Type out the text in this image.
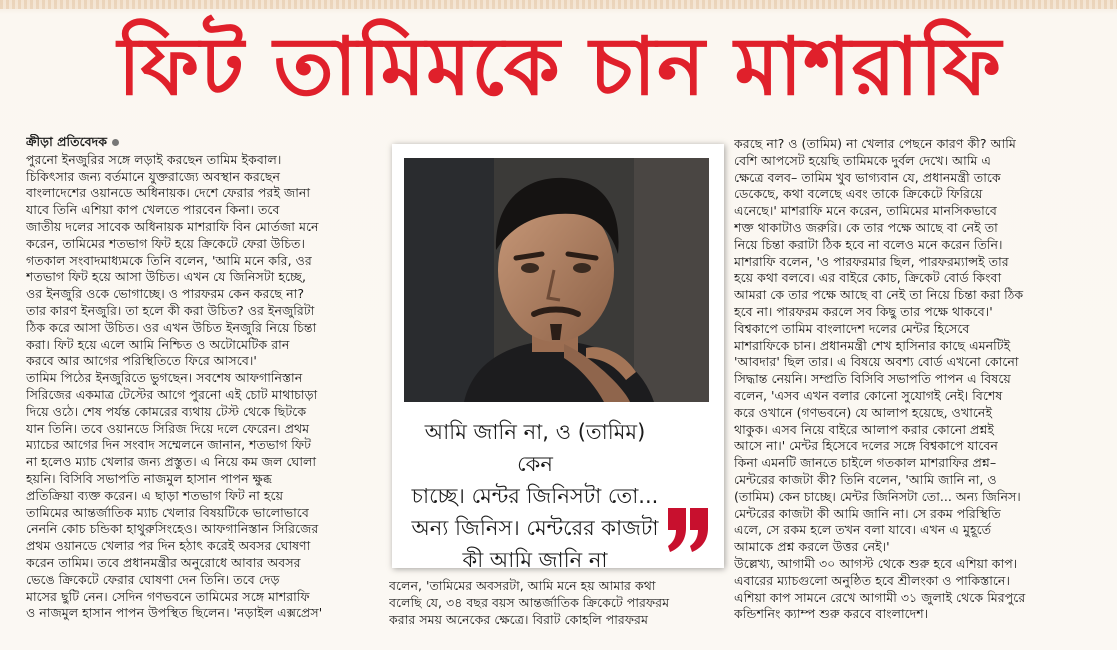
ফিট তামিমকে চান মাশরাফি

ক্রীড়া প্রতিবেদক

পুরনো ইনজুরির সঙ্গে লড়াই করছেন তামিম ইকবাল।

চিকিৎসার জন্য বর্তমানে যুক্তরাজ্যে অবস্থান করছেন

বাংলাদেশের ওয়ানডে অধিনায়ক। দেশে ফেরার পরই জানা

যাবে তিনি এশিয়া কাপ খেলতে পারবেন কিনা। তবে

জাতীয় দলের সাবেক অধিনায়ক মাশরাফি বিন মোর্তজা মনে

করেন, তামিমের শতভাগ ফিট হয়ে ক্রিকেটে ফেরা উচিত।

গতকাল সংবাদমাধ্যমকে তিনি বলেন, 'আমি মনে করি, ওর

শতভাগ ফিট হয়ে আসা উচিত। এখন যে জিনিসটা হচ্ছে,

ওর ইনজুরি ওকে ভোগাচ্ছে। ও পারফরম কেন করছে না?

তার কারণ ইনজুরি। তা হলে কী করা উচিত? ওর ইনজুরিটা

ঠিক করে আসা উচিত। ওর এখন উচিত ইনজুরি নিয়ে চিন্তা

করা। ফিট হয়ে এলে আমি নিশ্চিত ও অটোমেটিক রান

করবে আর আগের পরিস্থিতিতে ফিরে আসবে।'

তামিম পিঠের ইনজুরিতে ভুগছেন। সবশেষ আফগানিস্তান

সিরিজের একমাত্র টেস্টের আগে পুরনো এই চোট মাথাচাড়া

দিয়ে ওঠে। শেষ পর্যন্ত কোমরের ব্যথায় টেস্ট থেকে ছিটকে

যান তিনি। তবে ওয়ানডে সিরিজ দিয়ে দলে ফেরেন। প্রথম

ম্যাচের আগের দিন সংবাদ সম্মেলনে জানান, শতভাগ ফিট

না হলেও ম্যাচ খেলার জন্য প্রস্তুত। এ নিয়ে কম জল ঘোলা

হয়নি। বিসিবি সভাপতি নাজমুল হাসান পাপন ক্ষুব্ধ

প্রতিক্রিয়া ব্যক্ত করেন। এ ছাড়া শতভাগ ফিট না হয়ে

তামিমের আন্তর্জাতিক ম্যাচ খেলার বিষয়টিকে ভালোভাবে

নেননি কোচ চন্ডিকা হাথুরুসিংহেও। আফগানিস্তান সিরিজের

প্রথম ওয়ানডে খেলার পর দিন হঠাৎ করেই অবসর ঘোষণা

করেন তামিম। তবে প্রধানমন্ত্রীর অনুরোধে আবার অবসর

ভেঙে ক্রিকেটে ফেরার ঘোষণা দেন তিনি। তবে দেড়

মাসের ছুটি নেন। সেদিন গণভবনে তামিমের সঙ্গে মাশরাফি

ও নাজমুল হাসান পাপন উপস্থিত ছিলেন। 'নড়াইল এক্সপ্রেস'

আমি জানি না, ও (তামিম) কেন

চাচ্ছে। মেন্টর জিনিসটা তো...

অন্য জিনিস। মেন্টরের কাজটা

কী আমি জানি না

বলেন, 'তামিমের অবসরটা, আমি মনে হয় আমার কথা

বলেছি যে, ৩৪ বছর বয়স আন্তর্জাতিক ক্রিকেটে পারফরম

করার সময় অনেকের ক্ষেত্রে। বিরাট কোহলি পারফরম

করছে না? ও (তামিম) না খেলার পেছনে কারণ কী? আমি

বেশি আপসেট হয়েছি তামিমকে দুর্বল দেখে। আমি এ

ক্ষেত্রে বলব– তামিম খুব ভাগ্যবান যে, প্রধানমন্ত্রী তাকে

ডেকেছে, কথা বলেছে এবং তাকে ক্রিকেটে ফিরিয়ে

এনেছে।' মাশরাফি মনে করেন, তামিমের মানসিকভাবে

শক্ত থাকাটাও জরুরি। কে তার পক্ষে আছে বা নেই তা

নিয়ে চিন্তা করাটা ঠিক হবে না বলেও মনে করেন তিনি।

মাশরাফি বলেন, 'ও পারফরমার ছিল, পারফরম্যান্সই তার

হয়ে কথা বলবে। এর বাইরে কোচ, ক্রিকেট বোর্ড কিংবা

আমরা কে তার পক্ষে আছে বা নেই তা নিয়ে চিন্তা করা ঠিক

হবে না। পারফরম করলে সব কিছু তার পক্ষে থাকবে।'

বিশ্বকাপে তামিম বাংলাদেশ দলের মেন্টর হিসেবে

মাশরাফিকে চান। প্রধানমন্ত্রী শেখ হাসিনার কাছে এমনটিই

'আবদার' ছিল তার। এ বিষয়ে অবশ্য বোর্ড এখনো কোনো

সিদ্ধান্ত নেয়নি। সম্প্রতি বিসিবি সভাপতি পাপন এ বিষয়ে

বলেন, 'এসব এখন বলার কোনো সুযোগই নেই। বিশেষ

করে ওখানে (গণভবনে) যে আলাপ হয়েছে, ওখানেই

থাকুক। এসব নিয়ে বাইরে আলাপ করার কোনো প্রশ্নই

আসে না।' মেন্টর হিসেবে দলের সঙ্গে বিশ্বকাপে যাবেন

কিনা এমনটি জানতে চাইলে গতকাল মাশরাফির প্রশ্ন–

মেন্টরের কাজটা কী? তিনি বলেন, 'আমি জানি না, ও

(তামিম) কেন চাচ্ছে। মেন্টর জিনিসটা তো... অন্য জিনিস।

মেন্টরের কাজটা কী আমি জানি না। সে রকম পরিস্থিতি

এলে, সে রকম হলে তখন বলা যাবে। এখন এ মুহূর্তে

আমাকে প্রশ্ন করলে উত্তর নেই।'

উল্লেখ্য, আগামী ৩০ আগস্ট থেকে শুরু হবে এশিয়া কাপ।

এবারের ম্যাচগুলো অনুষ্ঠিত হবে শ্রীলংকা ও পাকিস্তানে।

এশিয়া কাপ সামনে রেখে আগামী ৩১ জুলাই থেকে মিরপুরে

কন্ডিশনিং ক্যাম্প শুরু করবে বাংলাদেশ।
